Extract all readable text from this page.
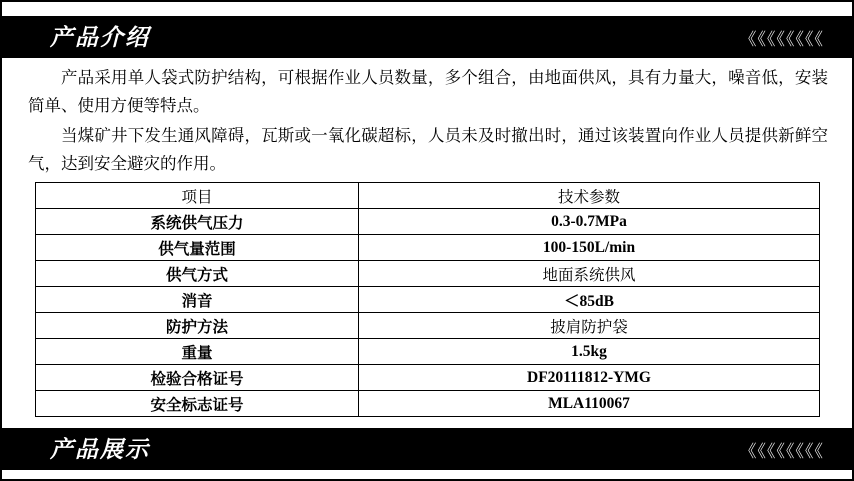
产品介绍	《《《《《《《《

产品采用单人袋式防护结构，可根据作业人员数量，多个组合，由地面供风，具有力量大，噪音低，安装简单、使用方便等特点。

当煤矿井下发生通风障碍，瓦斯或一氧化碳超标，人员未及时撤出时，通过该装置向作业人员提供新鲜空气，达到安全避灾的作用。

项目	技术参数
系统供气压力	0.3-0.7MPa
供气量范围	100-150L/min
供气方式	地面系统供风
消音	＜85dB
防护方法	披肩防护袋
重量	1.5kg
检验合格证号	DF20111812-YMG
安全标志证号	MLA110067
产品展示	《《《《《《《《
